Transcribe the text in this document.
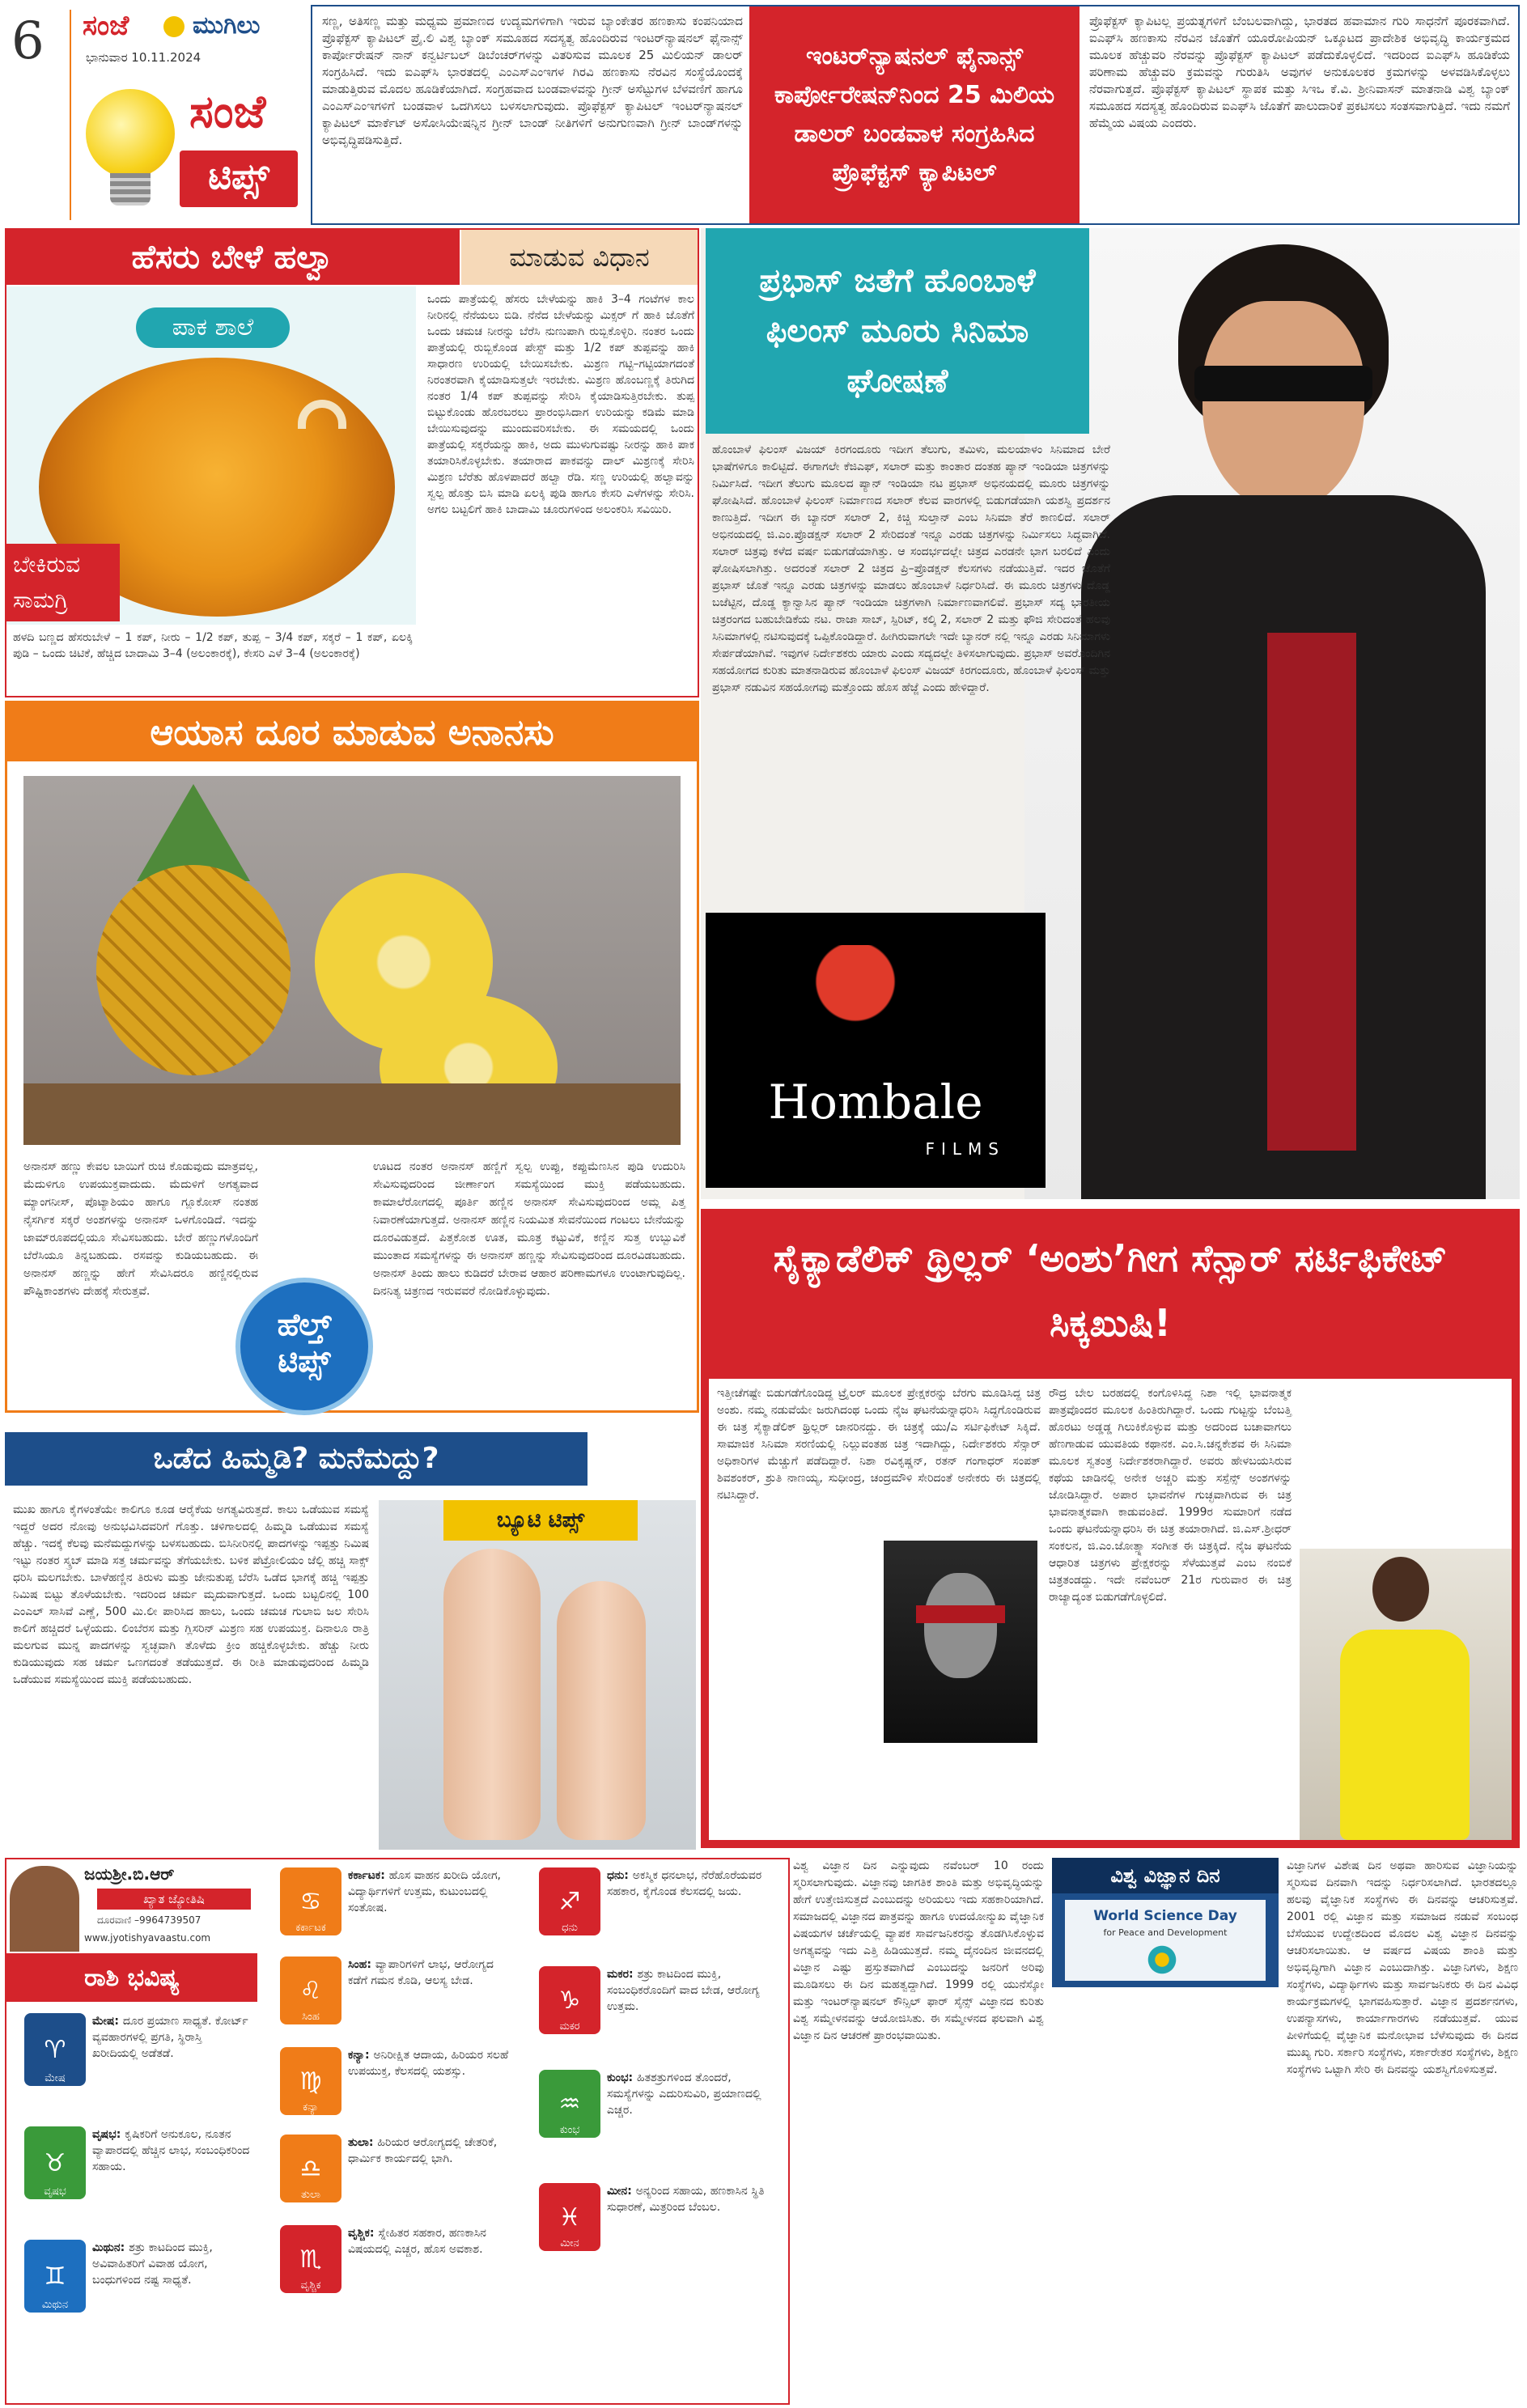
6 ಸಂಜೆ	ಮುಗಿಲು
ಭಾನುವಾರ 10.11.2024
ಸಂಜೆ
ಟಿಪ್ಸ್
ಸಣ್ಣ, ಅತಿಸಣ್ಣ ಮತ್ತು ಮಧ್ಯಮ ಪ್ರಮಾಣದ ಉದ್ಯಮಗಳಿಗಾಗಿ ಇರುವ ಬ್ಯಾಂಕೇತರ ಹಣಕಾಸು ಕಂಪನಿಯಾದ ಪ್ರೊಫೆಕ್ಟಸ್ ಕ್ಯಾಪಿಟಲ್ ಪ್ರೈ.ಲಿ ವಿಶ್ವ ಬ್ಯಾಂಕ್ ಸಮೂಹದ ಸದಸ್ಯತ್ವ ಹೊಂದಿರುವ ಇಂಟರ್‌ನ್ಯಾಷನಲ್ ಫೈನಾನ್ಸ್ ಕಾರ್ಪೋರೇಷನ್ ನಾನ್ ಕನ್ವರ್ಟಿಬಲ್ ಡಿಬೆಂಚರ್‌ಗಳನ್ನು ವಿತರಿಸುವ ಮೂಲಕ 25 ಮಿಲಿಯನ್ ಡಾಲರ್ ಸಂಗ್ರಹಿಸಿದೆ. ಇದು ಐಎಫ್‌ಸಿ ಭಾರತದಲ್ಲಿ ಎಂಎಸ್‌ಎಂಇಗಳ ಗಿರವಿ ಹಣಕಾಸು ನೆರವಿನ ಸಂಸ್ಥೆಯೊಂದಕ್ಕೆ ಮಾಡುತ್ತಿರುವ ಮೊದಲ ಹೂಡಿಕೆಯಾಗಿದೆ. ಸಂಗ್ರಹವಾದ ಬಂಡವಾಳವನ್ನು ಗ್ರೀನ್ ಅಸೆಟ್ಟುಗಳ ಬೆಳವಣಿಗೆ ಹಾಗೂ ಎಂಎಸ್‌ಎಂಇಗಳಿಗೆ ಬಂಡವಾಳ ಒದಗಿಸಲು ಬಳಸಲಾಗುವುದು. ಪ್ರೊಫೆಕ್ಟಸ್ ಕ್ಯಾಪಿಟಲ್ ಇಂಟರ್‌ನ್ಯಾಷನಲ್ ಕ್ಯಾಪಿಟಲ್ ಮಾರ್ಕೆಟ್ ಅಸೋಸಿಯೇಷನ್ನಿನ ಗ್ರೀನ್ ಬಾಂಡ್ ನೀತಿಗಳಿಗೆ ಅನುಗುಣವಾಗಿ ಗ್ರೀನ್ ಬಾಂಡ್‌ಗಳನ್ನು ಅಭಿವೃದ್ಧಿಪಡಿಸುತ್ತಿದೆ.
ಇಂಟರ್‌ನ್ಯಾಷನಲ್ ಫೈನಾನ್ಸ್ ಕಾರ್ಪೋರೇಷನ್‌ನಿಂದ 25 ಮಿಲಿಯ ಡಾಲರ್ ಬಂಡವಾಳ ಸಂಗ್ರಹಿಸಿದ ಪ್ರೊಫೆಕ್ಟಸ್ ಕ್ಯಾಪಿಟಲ್
ಪ್ರೊಫೆಕ್ಟಸ್ ಕ್ಯಾಪಿಟಲ್ಲ ಪ್ರಯತ್ನಗಳಿಗೆ ಬೆಂಬಲವಾಗಿದ್ದು, ಭಾರತದ ಹವಾಮಾನ ಗುರಿ ಸಾಧನೆಗೆ ಪೂರಕವಾಗಿದೆ. ಐಎಫ್‌ಸಿ ಹಣಕಾಸು ನೆರವಿನ ಜೊತೆಗೆ ಯೂರೋಪಿಯನ್ ಒಕ್ಕೂಟದ ಪ್ರಾದೇಶಿಕ ಅಭಿವೃದ್ಧಿ ಕಾರ್ಯಕ್ರಮದ ಮೂಲಕ ಹೆಚ್ಚುವರಿ ನೆರವನ್ನು ಪ್ರೊಫೆಕ್ಟಸ್ ಕ್ಯಾಪಿಟಲ್ ಪಡೆದುಕೊಳ್ಳಲಿದೆ. ಇದರಿಂದ ಐಎಫ್‌ಸಿ ಹೂಡಿಕೆಯ ಪರಿಣಾಮ ಹೆಚ್ಚುವರಿ ಕ್ರಮವನ್ನು ಗುರುತಿಸಿ ಅವುಗಳ ಅನುಕೂಲಕರ ಕ್ರಮಗಳನ್ನು ಅಳವಡಿಸಿಕೊಳ್ಳಲು ನೆರವಾಗುತ್ತದೆ. ಪ್ರೊಫೆಕ್ಟಸ್ ಕ್ಯಾಪಿಟಲ್ ಸ್ಥಾಪಕ ಮತ್ತು ಸಿಇಒ ಕೆ.ವಿ. ಶ್ರೀನಿವಾಸನ್ ಮಾತನಾಡಿ ವಿಶ್ವ ಬ್ಯಾಂಕ್ ಸಮೂಹದ ಸದಸ್ಯತ್ವ ಹೊಂದಿರುವ ಐಎಫ್‌ಸಿ ಜೊತೆಗೆ ಪಾಲುದಾರಿಕೆ ಪ್ರಕಟಿಸಲು ಸಂತಸವಾಗುತ್ತಿದೆ. ಇದು ನಮಗೆ ಹೆಮ್ಮೆಯ ವಿಷಯ ಎಂದರು.
ಹೆಸರು ಬೇಳೆ ಹಲ್ವಾ	ಮಾಡುವ ವಿಧಾನ
ಪಾಕ ಶಾಲೆ
ಬೇಕಿರುವ ಸಾಮಗ್ರಿ
ಹಳದಿ ಬಣ್ಣದ ಹೆಸರುಬೇಳೆ – 1 ಕಪ್, ನೀರು – 1/2 ಕಪ್, ತುಪ್ಪ – 3/4 ಕಪ್, ಸಕ್ಕರೆ – 1 ಕಪ್, ಏಲಕ್ಕಿ ಪುಡಿ – ಒಂದು ಚಿಟಿಕೆ, ಹೆಚ್ಚಿದ ಬಾದಾಮಿ 3–4 (ಅಲಂಕಾರಕ್ಕೆ), ಕೇಸರಿ ಎಳೆ 3–4 (ಅಲಂಕಾರಕ್ಕೆ)
ಒಂದು ಪಾತ್ರೆಯಲ್ಲಿ ಹೆಸರು ಬೇಳೆಯನ್ನು ಹಾಕಿ 3–4 ಗಂಟೆಗಳ ಕಾಲ ನೀರಿನಲ್ಲಿ ನೆನೆಯಲು ಬಿಡಿ. ನೆನೆದ ಬೇಳೆಯನ್ನು ಮಿಕ್ಸರ್ ಗೆ ಹಾಕಿ ಜೊತೆಗೆ ಒಂದು ಚಮಚ ನೀರನ್ನು ಬೆರೆಸಿ ನುಣುಪಾಗಿ ರುಬ್ಬಿಕೊಳ್ಳಿರಿ. ನಂತರ ಒಂದು ಪಾತ್ರೆಯಲ್ಲಿ ರುಬ್ಬಿಕೊಂಡ ಪೇಸ್ಟ್ ಮತ್ತು 1/2 ಕಪ್ ತುಪ್ಪವನ್ನು ಹಾಕಿ ಸಾಧಾರಣ ಉರಿಯಲ್ಲಿ ಬೇಯಿಸಬೇಕು. ಮಿಶ್ರಣ ಗಟ್ಟಿ–ಗಟ್ಟಿಯಾಗದಂತೆ ನಿರಂತರವಾಗಿ ಕೈಯಾಡಿಸುತ್ತಲೇ ಇರಬೇಕು. ಮಿಶ್ರಣ ಹೊಂಬಣ್ಣಕ್ಕೆ ತಿರುಗಿದ ನಂತರ 1/4 ಕಪ್ ತುಪ್ಪವನ್ನು ಸೇರಿಸಿ ಕೈಯಾಡಿಸುತ್ತಿರಬೇಕು. ತುಪ್ಪ ಬಿಟ್ಟುಕೊಂಡು ಹೊರಬರಲು ಪ್ರಾರಂಭಿಸಿದಾಗ ಉರಿಯನ್ನು ಕಡಿಮೆ ಮಾಡಿ ಬೇಯಿಸುವುದನ್ನು ಮುಂದುವರಿಸಬೇಕು. ಈ ಸಮಯದಲ್ಲಿ ಒಂದು ಪಾತ್ರೆಯಲ್ಲಿ ಸಕ್ಕರೆಯನ್ನು ಹಾಕಿ, ಅದು ಮುಳುಗುವಷ್ಟು ನೀರನ್ನು ಹಾಕಿ ಪಾಕ ತಯಾರಿಸಿಕೊಳ್ಳಬೇಕು. ತಯಾರಾದ ಪಾಕವನ್ನು ದಾಲ್ ಮಿಶ್ರಣಕ್ಕೆ ಸೇರಿಸಿ ಮಿಶ್ರಣ ಬೆರೆತು ಹೊಳಪಾದರೆ ಹಲ್ವಾ ರೆಡಿ. ಸಣ್ಣ ಉರಿಯಲ್ಲಿ ಹಲ್ವಾವನ್ನು ಸ್ವಲ್ಪ ಹೊತ್ತು ಬಿಸಿ ಮಾಡಿ ಏಲಕ್ಕಿ ಪುಡಿ ಹಾಗೂ ಕೇಸರಿ ಎಳೆಗಳನ್ನು ಸೇರಿಸಿ. ಅಗಲ ಬಟ್ಟಲಿಗೆ ಹಾಕಿ ಬಾದಾಮಿ ಚೂರುಗಳಿಂದ ಅಲಂಕರಿಸಿ ಸವಿಯಿರಿ.
ಆಯಾಸ ದೂರ ಮಾಡುವ ಅನಾನಸು
ಅನಾನಸ್ ಹಣ್ಣು ಕೇವಲ ಬಾಯಿಗೆ ರುಚಿ ಕೊಡುವುದು ಮಾತ್ರವಲ್ಲ, ಮೆದುಳಿಗೂ ಉಪಯುಕ್ತವಾದುದು. ಮೆದುಳಿಗೆ ಅಗತ್ಯವಾದ ಮ್ಯಾಂಗನೀಸ್, ಪೊಟ್ಯಾಶಿಯಂ ಹಾಗೂ ಗ್ಲೂಕೋಸ್ ನಂತಹ ನೈಸರ್ಗಿಕ ಸಕ್ಕರೆ ಅಂಶಗಳನ್ನು ಅನಾನಸ್ ಒಳಗೊಂಡಿದೆ. ಇದನ್ನು ಜಾಮ್‌ರೂಪದಲ್ಲಿಯೂ ಸೇವಿಸಬಹುದು. ಬೇರೆ ಹಣ್ಣುಗಳೊಂದಿಗೆ ಬೆರೆಸಿಯೂ ತಿನ್ನಬಹುದು. ರಸವನ್ನು ಕುಡಿಯಬಹುದು. ಈ ಅನಾನಸ್ ಹಣ್ಣನ್ನು ಹೇಗೆ ಸೇವಿಸಿದರೂ ಹಣ್ಣಿನಲ್ಲಿರುವ ಪೌಷ್ಟಿಕಾಂಶಗಳು ದೇಹಕ್ಕೆ ಸೇರುತ್ತವೆ.
ಹೆಲ್ತ್
ಟಿಪ್ಸ್
ಊಟದ ನಂತರ ಅನಾನಸ್ ಹಣ್ಣಿಗೆ ಸ್ವಲ್ಪ ಉಪ್ಪು, ಕಪ್ಪುಮೆಣಸಿನ ಪುಡಿ ಉದುರಿಸಿ ಸೇವಿಸುವುದರಿಂದ ಜೀರ್ಣಾಂಗ ಸಮಸ್ಯೆಯಿಂದ ಮುಕ್ತಿ ಪಡೆಯಬಹುದು. ಕಾಮಾಲೆರೋಗದಲ್ಲಿ ಪೂರ್ತಿ ಹಣ್ಣಿನ ಅನಾನಸ್ ಸೇವಿಸುವುದರಿಂದ ಅಮ್ಲ ಪಿತ್ತ ನಿವಾರಣೆಯಾಗುತ್ತದೆ. ಅನಾನಸ್ ಹಣ್ಣಿನ ನಿಯಮಿತ ಸೇವನೆಯಿಂದ ಗಂಟಲು ಬೇನೆಯನ್ನು ದೂರವಿಡುತ್ತದೆ. ಪಿತ್ತಕೋಶ ಊತ, ಮೂತ್ರ ಕಟ್ಟುವಿಕೆ, ಕಣ್ಣಿನ ಸುತ್ತ ಉಬ್ಬುವಿಕೆ ಮುಂತಾದ ಸಮಸ್ಯೆಗಳನ್ನು ಈ ಅನಾನಸ್ ಹಣ್ಣನ್ನು ಸೇವಿಸುವುದರಿಂದ ದೂರವಿಡಬಹುದು. ಅನಾನಸ್ ತಿಂದು ಹಾಲು ಕುಡಿದರೆ ಬೇರಾವ ಆಹಾರ ಪರಿಣಾಮಗಳೂ ಉಂಟಾಗುವುದಿಲ್ಲ. ದಿನನಿತ್ಯ ಚಿತ್ರಣದ ಇರುವವರೆ ನೋಡಿಕೊಳ್ಳುವುದು.
ಒಡೆದ ಹಿಮ್ಮಡಿ? ಮನೆಮದ್ದು?
ಮುಖ ಹಾಗೂ ಕೈಗಳಂತೆಯೇ ಕಾಲಿಗೂ ಕೂಡ ಆರೈಕೆಯ ಅಗತ್ಯವಿರುತ್ತದೆ. ಕಾಲು ಒಡೆಯುವ ಸಮಸ್ಯೆ ಇದ್ದರೆ ಅದರ ನೋವು ಅನುಭವಿಸಿದವರಿಗೆ ಗೊತ್ತು. ಚಳಿಗಾಲದಲ್ಲಿ ಹಿಮ್ಮಡಿ ಒಡೆಯುವ ಸಮಸ್ಯೆ ಹೆಚ್ಚು. ಇದಕ್ಕೆ ಕೆಲವು ಮನೆಮದ್ದುಗಳನ್ನು ಬಳಸಬಹುದು. ಬಿಸಿನೀರಿನಲ್ಲಿ ಪಾದಗಳನ್ನು ಇಪ್ಪತ್ತು ನಿಮಿಷ ಇಟ್ಟು ನಂತರ ಸ್ಕ್ರಬ್ ಮಾಡಿ ಸತ್ತ ಚರ್ಮವನ್ನು ತೆಗೆಯಬೇಕು. ಬಳಿಕ ಪೆಟ್ರೋಲಿಯಂ ಜೆಲ್ಲಿ ಹಚ್ಚಿ ಸಾಕ್ಸ್ ಧರಿಸಿ ಮಲಗಬೇಕು. ಬಾಳೆಹಣ್ಣಿನ ತಿರುಳು ಮತ್ತು ಜೇನುತುಪ್ಪ ಬೆರೆಸಿ ಒಡೆದ ಭಾಗಕ್ಕೆ ಹಚ್ಚಿ ಇಪ್ಪತ್ತು ನಿಮಿಷ ಬಿಟ್ಟು ತೊಳೆಯಬೇಕು. ಇದರಿಂದ ಚರ್ಮ ಮೃದುವಾಗುತ್ತದೆ. ಒಂದು ಬಟ್ಟಲಿನಲ್ಲಿ 100 ಎಂಎಲ್ ಸಾಸಿವೆ ಎಣ್ಣೆ, 500 ಮಿ.ಲೀ ಪಾರಿಸಿದ ಹಾಲು, ಒಂದು ಚಮಚ ಗುಲಾಬಿ ಜಲ ಸೇರಿಸಿ ಕಾಲಿಗೆ ಹಚ್ಚಿದರೆ ಒಳ್ಳೆಯದು. ಲಿಂಬೆರಸ ಮತ್ತು ಗ್ಲಿಸರಿನ್ ಮಿಶ್ರಣ ಸಹ ಉಪಯುಕ್ತ. ದಿನಾಲೂ ರಾತ್ರಿ ಮಲಗುವ ಮುನ್ನ ಪಾದಗಳನ್ನು ಸ್ವಚ್ಛವಾಗಿ ತೊಳೆದು ಕ್ರೀಂ ಹಚ್ಚಿಕೊಳ್ಳಬೇಕು. ಹೆಚ್ಚು ನೀರು ಕುಡಿಯುವುದು ಸಹ ಚರ್ಮ ಒಣಗದಂತೆ ತಡೆಯುತ್ತದೆ. ಈ ರೀತಿ ಮಾಡುವುದರಿಂದ ಹಿಮ್ಮಡಿ ಒಡೆಯುವ ಸಮಸ್ಯೆಯಿಂದ ಮುಕ್ತಿ ಪಡೆಯಬಹುದು.
ಬ್ಯೂಟಿ ಟಿಪ್ಸ್
ಪ್ರಭಾಸ್ ಜತೆಗೆ ಹೊಂಬಾಳೆ ಫಿಲಂಸ್ ಮೂರು ಸಿನಿಮಾ ಘೋಷಣೆ
ಹೊಂಬಾಳೆ ಫಿಲಂಸ್ ವಿಜಯ್ ಕಿರಗಂದೂರು ಇದೀಗ ತೆಲುಗು, ತಮಿಳು, ಮಲಯಾಳಂ ಸಿನಿಮಾದ ಬೇರೆ ಭಾಷೆಗಳಿಗೂ ಕಾಲಿಟ್ಟಿದೆ. ಈಗಾಗಲೇ ಕೆಜಿಎಫ್, ಸಲಾರ್ ಮತ್ತು ಕಾಂತಾರ ದಂತಹ ಪ್ಯಾನ್ ಇಂಡಿಯಾ ಚಿತ್ರಗಳನ್ನು ನಿರ್ಮಿಸಿದೆ. ಇದೀಗ ತೆಲುಗು ಮೂಲದ ಪ್ಯಾನ್ ಇಂಡಿಯಾ ನಟ ಪ್ರಭಾಸ್ ಅಭಿನಯದಲ್ಲಿ ಮೂರು ಚಿತ್ರಗಳನ್ನು ಘೋಷಿಸಿದೆ. ಹೊಂಬಾಳೆ ಫಿಲಂಸ್ ನಿರ್ಮಾಣದ ಸಲಾರ್ ಕೆಲವ ವಾರಗಳಲ್ಲಿ ಬಿಡುಗಡೆಯಾಗಿ ಯಶಸ್ವಿ ಪ್ರದರ್ಶನ ಕಾಣುತ್ತಿದೆ. ಇದೀಗ ಈ ಬ್ಯಾನರ್ ಸಲಾರ್ 2, ಕಿಚ್ಚಿ ಸುಲ್ತಾನ್ ಎಂಬ ಸಿನಿಮಾ ತೆರೆ ಕಾಣಲಿದೆ. ಸಲಾರ್ ಅಭಿನಯದಲ್ಲಿ ಜಿ.ಎಂ.ಪ್ರೊಡಕ್ಷನ್ ಸಲಾರ್ 2 ಸೇರಿದಂತೆ ಇನ್ನೂ ಎರಡು ಚಿತ್ರಗಳನ್ನು ನಿರ್ಮಿಸಲು ಸಿದ್ಧವಾಗಿದೆ. ಸಲಾರ್ ಚಿತ್ರವು ಕಳೆದ ವರ್ಷ ಬಿಡುಗಡೆಯಾಗಿತ್ತು. ಆ ಸಂದರ್ಭದಲ್ಲೇ ಚಿತ್ರದ ಎರಡನೇ ಭಾಗ ಬರಲಿದೆ ಎಂದು ಘೋಷಿಸಲಾಗಿತ್ತು. ಅದರಂತೆ ಸಲಾರ್ 2 ಚಿತ್ರದ ಪ್ರಿ–ಪ್ರೊಡಕ್ಷನ್ ಕೆಲಸಗಳು ನಡೆಯುತ್ತಿವೆ. ಇದರ ಜೊತೆಗೆ ಪ್ರಭಾಸ್ ಜೊತೆ ಇನ್ನೂ ಎರಡು ಚಿತ್ರಗಳನ್ನು ಮಾಡಲು ಹೊಂಬಾಳೆ ನಿರ್ಧರಿಸಿದೆ. ಈ ಮೂರು ಚಿತ್ರಗಳು ದೊಡ್ಡ ಬಜೆಟ್ಟಿನ, ದೊಡ್ಡ ಕ್ಯಾನ್ವಾಸಿನ ಪ್ಯಾನ್ ಇಂಡಿಯಾ ಚಿತ್ರಗಳಾಗಿ ನಿರ್ಮಾಣವಾಗಲಿವೆ. ಪ್ರಭಾಸ್ ಸದ್ಯ ಭಾರತೀಯ ಚಿತ್ರರಂಗದ ಬಹುಬೇಡಿಕೆಯ ನಟ. ರಾಜಾ ಸಾಬ್, ಸ್ಪಿರಿಟ್, ಕಲ್ಕಿ 2, ಸಲಾರ್ 2 ಮತ್ತು ಫೌಜಿ ಸೇರಿದಂತೆ ಹಲವು ಸಿನಿಮಾಗಳಲ್ಲಿ ನಟಿಸುವುದಕ್ಕೆ ಒಪ್ಪಿಕೊಂಡಿದ್ದಾರೆ. ಹೀಗಿರುವಾಗಲೇ ಇದೇ ಬ್ಯಾನರ್ ನಲ್ಲಿ ಇನ್ನೂ ಎರಡು ಸಿನಿಮಾಗಳು ಸೇರ್ಪಡೆಯಾಗಿವೆ. ಇವುಗಳ ನಿರ್ದೇಶಕರು ಯಾರು ಎಂದು ಸದ್ಯದಲ್ಲೇ ತಿಳಿಸಲಾಗುವುದು. ಪ್ರಭಾಸ್ ಅವರೊಂದಿಗಿನ ಸಹಯೋಗದ ಕುರಿತು ಮಾತನಾಡಿರುವ ಹೊಂಬಾಳೆ ಫಿಲಂಸ್ ವಿಜಯ್ ಕಿರಗಂದೂರು, ಹೊಂಬಾಳೆ ಫಿಲಂಸ್ ಮತ್ತು ಪ್ರಭಾಸ್ ನಡುವಿನ ಸಹಯೋಗವು ಮತ್ತೊಂದು ಹೊಸ ಹೆಜ್ಜೆ ಎಂದು ಹೇಳಿದ್ದಾರೆ.
Hombale
FILMS
ಸೈಕ್ಯಾಡೆಲಿಕ್ ಥ್ರಿಲ್ಲರ್ ‘ಅಂಶು’ಗೀಗ ಸೆನ್ಸಾರ್ ಸರ್ಟಿಫಿಕೇಟ್ ಸಿಕ್ಕಖುಷಿ!
ಇತ್ತೀಚೆಗಷ್ಟೇ ಬಿಡುಗಡೆಗೊಂಡಿದ್ದ ಟ್ರೈಲರ್ ಮೂಲಕ ಪ್ರೇಕ್ಷಕರನ್ನು ಬೆರಗು ಮೂಡಿಸಿದ್ದ ಚಿತ್ರ ಅಂಶು. ನಮ್ಮ ನಡುವೆಯೇ ಜರುಗಿದಂಥ ಒಂದು ನೈಜ ಘಟನೆಯನ್ನಾಧರಿಸಿ ಸಿದ್ಧಗೊಂಡಿರುವ ಈ ಚಿತ್ರ ಸೈಕ್ಯಾಡೆಲಿಕ್ ಥ್ರಿಲ್ಲರ್ ಜಾನರಿನದ್ದು. ಈ ಚಿತ್ರಕ್ಕೆ ಯು/ಎ ಸರ್ಟಿಫಿಕೇಟ್ ಸಿಕ್ಕಿದೆ. ಸಾಮಾಜಿಕ ಸಿನಿಮಾ ಸರಣಿಯಲ್ಲಿ ನಿಲ್ಲುವಂತಹ ಚಿತ್ರ ಇದಾಗಿದ್ದು, ನಿರ್ದೇಶಕರು ಸೆನ್ಸಾರ್ ಅಧಿಕಾರಿಗಳ ಮೆಚ್ಚುಗೆ ಪಡೆದಿದ್ದಾರೆ. ನಿಶಾ ರವಿಕೃಷ್ಣನ್, ರತನ್ ಗಂಗಾಧರ್ ಸಂಪತ್ ಶಿವಶಂಕರ್, ಶ್ರುತಿ ನಾಣಯ್ಯ, ಸುಧೀಂದ್ರ, ಚಂದ್ರಮೌಳಿ ಸೇರಿದಂತೆ ಅನೇಕರು ಈ ಚಿತ್ರದಲ್ಲಿ ನಟಿಸಿದ್ದಾರೆ.
ರೌದ್ರ ಬೇಲ ಬರಹದಲ್ಲಿ ಕಂಗೊಳಿಸಿದ್ದ ನಿಶಾ ಇಲ್ಲಿ ಭಾವನಾತ್ಮಕ ಪಾತ್ರವೊಂದರ ಮೂಲಕ ಹಿಂತಿರುಗಿದ್ದಾರೆ. ಒಂದು ಗುಟ್ಟನ್ನು ಬೆಂಬತ್ತಿ ಹೊರಟು ಅಡ್ಡಡ್ಡ ಗಿಲುಕಿಕೊಳ್ಳುವ ಮತ್ತು ಅದರಿಂದ ಬಚಾವಾಗಲು ಹೆಣಗಾಡುವ ಯುವತಿಯ ಕಥಾನಕ. ಎಂ.ಸಿ.ಚನ್ನಕೇಶವ ಈ ಸಿನಿಮಾ ಮೂಲಕ ಸ್ವತಂತ್ರ ನಿರ್ದೇಶಕರಾಗಿದ್ದಾರೆ. ಅವರು ಹೇಳಬಯಸಿರುವ ಕಥೆಯ ಜಾಡಿನಲ್ಲಿ ಅನೇಕ ಅಚ್ಚರಿ ಮತ್ತು ಸಸ್ಪೆನ್ಸ್ ಅಂಶಗಳನ್ನು ಜೋಡಿಸಿದ್ದಾರೆ. ಅಪಾರ ಭಾವನೆಗಳ ಗುಚ್ಛವಾಗಿರುವ ಈ ಚಿತ್ರ ಭಾವನಾತ್ಮಕವಾಗಿ ಕಾಡುವಂತಿದೆ. 1999ರ ಸುಮಾರಿಗೆ ನಡೆದ ಒಂದು ಘಟನೆಯನ್ನಾಧರಿಸಿ ಈ ಚಿತ್ರ ತಯಾರಾಗಿದೆ. ಜಿ.ಎಸ್.ಶ್ರೀಧರ್ ಸಂಕಲನ, ಜಿ.ಎಂ.ಜೋತ್ಸ್ನಾ ಸಂಗೀತ ಈ ಚಿತ್ರಕ್ಕಿದೆ. ನೈಜ ಘಟನೆಯ ಆಧಾರಿತ ಚಿತ್ರಗಳು ಪ್ರೇಕ್ಷಕರನ್ನು ಸೆಳೆಯುತ್ತವೆ ಎಂಬ ನಂಬಿಕೆ ಚಿತ್ರತಂಡದ್ದು. ಇದೇ ನವೆಂಬರ್ 21ರ ಗುರುವಾರ ಈ ಚಿತ್ರ ರಾಜ್ಯಾದ್ಯಂತ ಬಿಡುಗಡೆಗೊಳ್ಳಲಿದೆ.
ಜಯಶ್ರೀ.ಬಿ.ಆರ್
ಖ್ಯಾತ ಜ್ಯೋತಿಷಿ
ದೂರವಾಣಿ –9964739507
www.jyotishyavaastu.com
ರಾಶಿ ಭವಿಷ್ಯ
♈
ಮೇಷ
ಮೇಷ: ದೂರ ಪ್ರಯಾಣ ಸಾಧ್ಯತೆ. ಕೋರ್ಟ್ ವ್ಯವಹಾರಗಳಲ್ಲಿ ಪ್ರಗತಿ, ಸ್ಥಿರಾಸ್ತಿ ಖರೀದಿಯಲ್ಲಿ ಅಡೆತಡೆ.
♉
ವೃಷಭ
ವೃಷಭ: ಕೃಷಿಕರಿಗೆ ಅನುಕೂಲ, ನೂತನ ವ್ಯಾಪಾರದಲ್ಲಿ ಹೆಚ್ಚಿನ ಲಾಭ, ಸಂಬಂಧಿಕರಿಂದ ಸಹಾಯ.
♊
ಮಿಥುನ
ಮಿಥುನ: ಶತ್ರು ಕಾಟದಿಂದ ಮುಕ್ತಿ, ಅವಿವಾಹಿತರಿಗೆ ವಿವಾಹ ಯೋಗ, ಬಂಧುಗಳಿಂದ ನಷ್ಟ ಸಾಧ್ಯತೆ.
♋
ಕರ್ಕಾಟಕ
ಕರ್ಕಾಟಕ: ಹೊಸ ವಾಹನ ಖರೀದಿ ಯೋಗ, ವಿದ್ಯಾರ್ಥಿಗಳಿಗೆ ಉತ್ತಮ, ಕುಟುಂಬದಲ್ಲಿ ಸಂತೋಷ.
♌
ಸಿಂಹ
ಸಿಂಹ: ವ್ಯಾಪಾರಿಗಳಿಗೆ ಲಾಭ, ಆರೋಗ್ಯದ ಕಡೆಗೆ ಗಮನ ಕೊಡಿ, ಆಲಸ್ಯ ಬೇಡ.
♍
ಕನ್ಯಾ
ಕನ್ಯಾ: ಅನಿರೀಕ್ಷಿತ ಆದಾಯ, ಹಿರಿಯರ ಸಲಹೆ ಉಪಯುಕ್ತ, ಕೆಲಸದಲ್ಲಿ ಯಶಸ್ಸು.
♎
ತುಲಾ
ತುಲಾ: ಹಿರಿಯರ ಆರೋಗ್ಯದಲ್ಲಿ ಚೇತರಿಕೆ, ಧಾರ್ಮಿಕ ಕಾರ್ಯದಲ್ಲಿ ಭಾಗಿ.
♏
ವೃಶ್ಚಿಕ
ವೃಶ್ಚಿಕ: ಸ್ನೇಹಿತರ ಸಹಕಾರ, ಹಣಕಾಸಿನ ವಿಷಯದಲ್ಲಿ ಎಚ್ಚರ, ಹೊಸ ಅವಕಾಶ.
♐
ಧನು
ಧನು: ಅಕಸ್ಮಿಕ ಧನಲಾಭ, ನೆರೆಹೊರೆಯವರ ಸಹಕಾರ, ಕೈಗೊಂಡ ಕೆಲಸದಲ್ಲಿ ಜಯ.
♑
ಮಕರ
ಮಕರ: ಶತ್ರು ಕಾಟದಿಂದ ಮುಕ್ತಿ, ಸಂಬಂಧಿಕರೊಂದಿಗೆ ವಾದ ಬೇಡ, ಆರೋಗ್ಯ ಉತ್ತಮ.
♒
ಕುಂಭ
ಕುಂಭ: ಹಿತಶತ್ರುಗಳಿಂದ ತೊಂದರೆ, ಸಮಸ್ಯೆಗಳನ್ನು ಎದುರಿಸುವಿರಿ, ಪ್ರಯಾಣದಲ್ಲಿ ಎಚ್ಚರ.
♓
ಮೀನ
ಮೀನ: ಅನ್ಯರಿಂದ ಸಹಾಯ, ಹಣಕಾಸಿನ ಸ್ಥಿತಿ ಸುಧಾರಣೆ, ಮಿತ್ರರಿಂದ ಬೆಂಬಲ.
ವಿಶ್ವ ವಿಜ್ಞಾನ ದಿನ ಎನ್ನುವುದು ನವೆಂಬರ್ 10 ರಂದು ಸ್ಮರಿಸಲಾಗುವುದು. ವಿಜ್ಞಾನವು ಜಾಗತಿಕ ಶಾಂತಿ ಮತ್ತು ಅಭಿವೃದ್ಧಿಯನ್ನು ಹೇಗೆ ಉತ್ತೇಜಿಸುತ್ತದೆ ಎಂಬುದನ್ನು ಅರಿಯಲು ಇದು ಸಹಕಾರಿಯಾಗಿದೆ. ಸಮಾಜದಲ್ಲಿ ವಿಜ್ಞಾನದ ಪಾತ್ರವನ್ನು ಹಾಗೂ ಉದಯೋನ್ಮುಖ ವೈಜ್ಞಾನಿಕ ವಿಷಯಗಳ ಚರ್ಚೆಯಲ್ಲಿ ವ್ಯಾಪಕ ಸಾರ್ವಜನಿಕರನ್ನು ತೊಡಗಿಸಿಕೊಳ್ಳುವ ಅಗತ್ಯವನ್ನು ಇದು ಎತ್ತಿ ಹಿಡಿಯುತ್ತದೆ. ನಮ್ಮ ದೈನಂದಿನ ಜೀವನದಲ್ಲಿ ವಿಜ್ಞಾನ ಎಷ್ಟು ಪ್ರಸ್ತುತವಾಗಿದೆ ಎಂಬುದನ್ನು ಜನರಿಗೆ ಅರಿವು ಮೂಡಿಸಲು ಈ ದಿನ ಮಹತ್ವದ್ದಾಗಿದೆ. 1999 ರಲ್ಲಿ ಯುನೆಸ್ಕೋ ಮತ್ತು ಇಂಟರ್‌ನ್ಯಾಷನಲ್ ಕೌನ್ಸಿಲ್ ಫಾರ್ ಸೈನ್ಸ್ ವಿಜ್ಞಾನದ ಕುರಿತು ವಿಶ್ವ ಸಮ್ಮೇಳನವನ್ನು ಆಯೋಜಿಸಿತು. ಈ ಸಮ್ಮೇಳನದ ಫಲವಾಗಿ ವಿಶ್ವ ವಿಜ್ಞಾನ ದಿನ ಆಚರಣೆ ಪ್ರಾರಂಭವಾಯಿತು.
ವಿಶ್ವ ವಿಜ್ಞಾನ ದಿನ
World Science Day
for Peace and Development
ವಿಜ್ಞಾನಿಗಳ ವಿಶೇಷ ದಿನ ಅಥವಾ ಹಾರಿಸುವ ವಿಜ್ಞಾನಿಯನ್ನು ಸ್ಮರಿಸುವ ದಿನವಾಗಿ ಇದನ್ನು ನಿರ್ಧರಿಸಲಾಗಿದೆ. ಭಾರತದಲ್ಲೂ ಹಲವು ವೈಜ್ಞಾನಿಕ ಸಂಸ್ಥೆಗಳು ಈ ದಿನವನ್ನು ಆಚರಿಸುತ್ತವೆ. 2001 ರಲ್ಲಿ ವಿಜ್ಞಾನ ಮತ್ತು ಸಮಾಜದ ನಡುವೆ ಸಂಬಂಧ ಬೆಸೆಯುವ ಉದ್ದೇಶದಿಂದ ಮೊದಲ ವಿಶ್ವ ವಿಜ್ಞಾನ ದಿನವನ್ನು ಆಚರಿಸಲಾಯಿತು. ಆ ವರ್ಷದ ವಿಷಯ ಶಾಂತಿ ಮತ್ತು ಅಭಿವೃದ್ಧಿಗಾಗಿ ವಿಜ್ಞಾನ ಎಂಬುದಾಗಿತ್ತು. ವಿಜ್ಞಾನಿಗಳು, ಶಿಕ್ಷಣ ಸಂಸ್ಥೆಗಳು, ವಿದ್ಯಾರ್ಥಿಗಳು ಮತ್ತು ಸಾರ್ವಜನಿಕರು ಈ ದಿನ ವಿವಿಧ ಕಾರ್ಯಕ್ರಮಗಳಲ್ಲಿ ಭಾಗವಹಿಸುತ್ತಾರೆ. ವಿಜ್ಞಾನ ಪ್ರದರ್ಶನಗಳು, ಉಪನ್ಯಾಸಗಳು, ಕಾರ್ಯಾಗಾರಗಳು ನಡೆಯುತ್ತವೆ. ಯುವ ಪೀಳಿಗೆಯಲ್ಲಿ ವೈಜ್ಞಾನಿಕ ಮನೋಭಾವ ಬೆಳೆಸುವುದು ಈ ದಿನದ ಮುಖ್ಯ ಗುರಿ. ಸರ್ಕಾರಿ ಸಂಸ್ಥೆಗಳು, ಸರ್ಕಾರೇತರ ಸಂಸ್ಥೆಗಳು, ಶಿಕ್ಷಣ ಸಂಸ್ಥೆಗಳು ಒಟ್ಟಾಗಿ ಸೇರಿ ಈ ದಿನವನ್ನು ಯಶಸ್ವಿಗೊಳಿಸುತ್ತವೆ.
